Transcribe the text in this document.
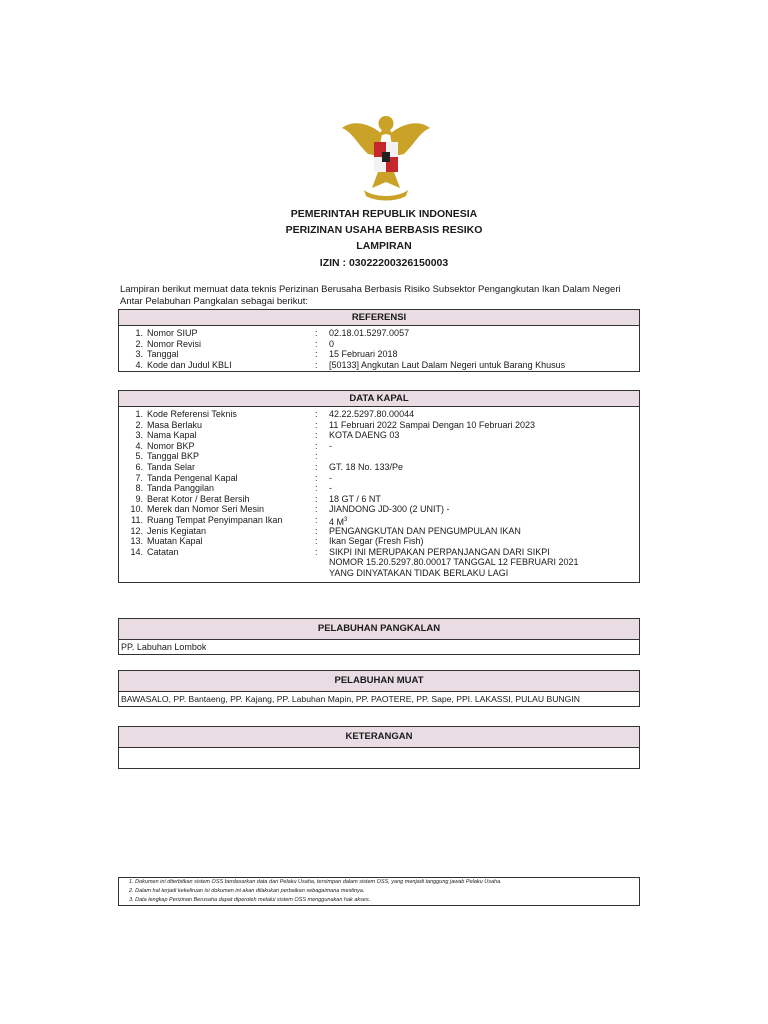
PEMERINTAH REPUBLIK INDONESIA
PERIZINAN USAHA BERBASIS RESIKO
LAMPIRAN
IZIN : 03022200326150003
Lampiran berikut memuat data teknis Perizinan Berusaha Berbasis Risiko Subsektor Pengangkutan Ikan Dalam Negeri Antar Pelabuhan Pangkalan sebagai berikut:
REFERENSI
1. Nomor SIUP	:	02.18.01.5297.0057
2. Nomor Revisi	:	0
3. Tanggal	:	15 Februari 2018
4. Kode dan Judul KBLI	:	[50133] Angkutan Laut Dalam Negeri untuk Barang Khusus
DATA KAPAL
1. Kode Referensi Teknis	:	42.22.5297.80.00044
2. Masa Berlaku	:	11 Februari 2022 Sampai Dengan 10 Februari 2023
3. Nama Kapal	:	KOTA DAENG 03
4. Nomor BKP	:	-
5. Tanggal BKP	:
6. Tanda Selar	:	GT. 18 No. 133/Pe
7. Tanda Pengenal Kapal	:	-
8. Tanda Panggilan	:	-
9. Berat Kotor / Berat Bersih	:	18 GT / 6 NT
10. Merek dan Nomor Seri Mesin	:	JIANDONG JD-300 (2 UNIT) -
11. Ruang Tempat Penyimpanan Ikan	:	4 $M^3$
12. Jenis Kegiatan	:	PENGANGKUTAN DAN PENGUMPULAN IKAN
13. Muatan Kapal	:	Ikan Segar (Fresh Fish)
14. Catatan	:	SIKPI INI MERUPAKAN PERPANJANGAN DARI SIKPI NOMOR 15.20.5297.80.00017 TANGGAL 12 FEBRUARI 2021 YANG DINYATAKAN TIDAK BERLAKU LAGI
PELABUHAN PANGKALAN
PP. Labuhan Lombok
PELABUHAN MUAT
BAWASALO, PP. Bantaeng, PP. Kajang, PP. Labuhan Mapin, PP. PAOTERE, PP. Sape, PPI. LAKASSI, PULAU BUNGIN
KETERANGAN
1. Dokumen ini diterbitkan sistem OSS berdasarkan data dari Pelaku Usaha, tersimpan dalam sistem OSS, yang menjadi tanggung jawab Pelaku Usaha.
2. Dalam hal terjadi kekeliruan isi dokumen ini akan dilakukan perbaikan sebagaimana mestinya.
3. Data lengkap Perizinan Berusaha dapat diperoleh melalui sistem OSS menggunakan hak akses.
